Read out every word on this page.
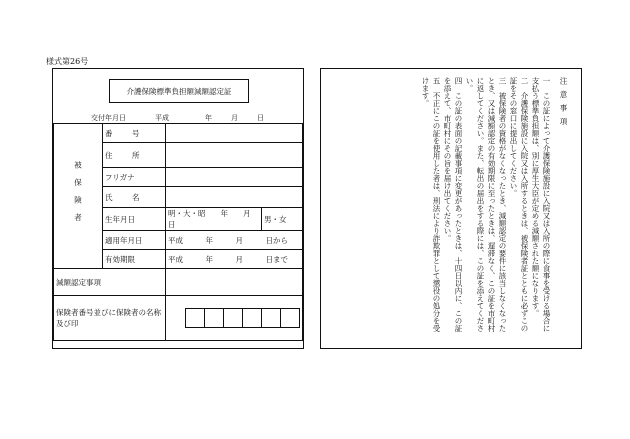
様式第26号
介護保険標準負担額減額認定証
交付年月日	平成	年	月	日
被保険者	番　号		
	住　所		
	フリガナ		
	氏　名		
	生年月日	明・大・昭　　年　　月　　日	男・女
	適用年月日	平成　　　年　　　月　　　日から	
	有効期限	平成　　　年　　　月　　　日まで	
減額認定事項			
保険者番号並びに保険者の名称及び印			

注意事項

一　この証によって介護保険施設に入院又は入所の際に食事を受ける場合に支払う標準負担額は、別に厚生大臣が定める減額された額になります。

二　介護保険施設に入院又は入所するときは、被保険者証とともに必ずこの証をその窓口に提出してください。

三　被保険者の資格がなくなったとき、減額認定の要件に該当しなくなったとき、又は減額認定の有効期限に至ったときは、遅滞なく、この証を市町村に返してください。また、転出の届出をする際には、この証を添えてください。

四　この証の表面の記載事項に変更があったときは、十四日以内に、この証を添えて、市町村にその旨を届け出てください。

五　不正にこの証を使用した者は、刑法により詐欺罪として懲役の処分を受けます。
